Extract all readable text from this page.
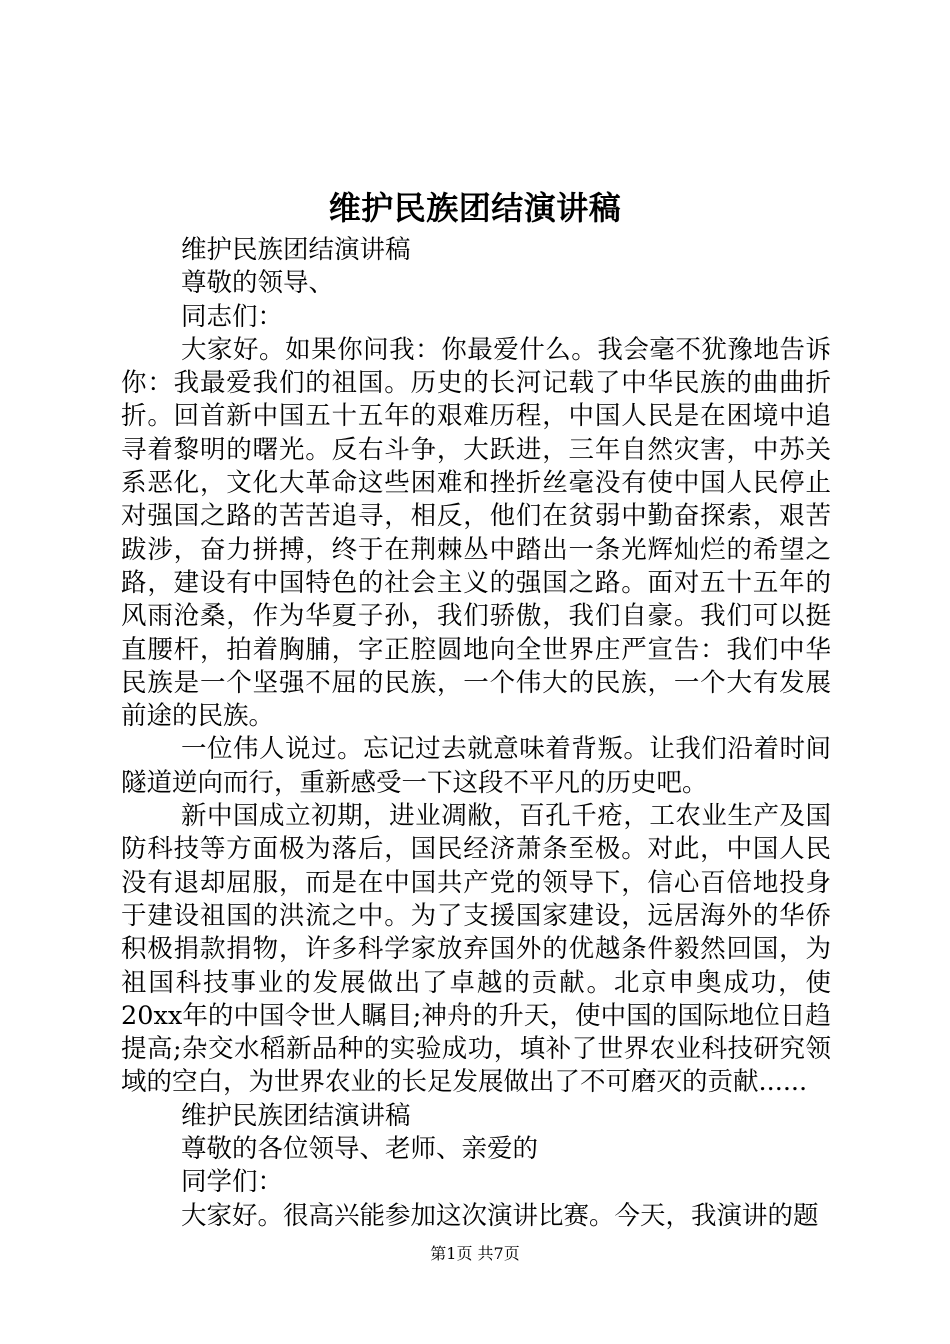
维护民族团结演讲稿
维护民族团结演讲稿
尊敬的领导、
同志们：
大家好。如果你问我：你最爱什么。我会毫不犹豫地告诉你：我最爱我们的祖国。历史的长河记载了中华民族的曲曲折折。回首新中国五十五年的艰难历程，中国人民是在困境中追寻着黎明的曙光。反右斗争，大跃进，三年自然灾害，中苏关系恶化，文化大革命这些困难和挫折丝毫没有使中国人民停止对强国之路的苦苦追寻，相反，他们在贫弱中勤奋探索，艰苦跋涉，奋力拼搏，终于在荆棘丛中踏出一条光辉灿烂的希望之路，建设有中国特色的社会主义的强国之路。面对五十五年的风雨沧桑，作为华夏子孙，我们骄傲，我们自豪。我们可以挺直腰杆，拍着胸脯，字正腔圆地向全世界庄严宣告：我们中华民族是一个坚强不屈的民族，一个伟大的民族，一个大有发展前途的民族。
一位伟人说过。忘记过去就意味着背叛。让我们沿着时间隧道逆向而行，重新感受一下这段不平凡的历史吧。
新中国成立初期，进业凋敝，百孔千疮，工农业生产及国防科技等方面极为落后，国民经济萧条至极。对此，中国人民没有退却屈服，而是在中国共产党的领导下，信心百倍地投身于建设祖国的洪流之中。为了支援国家建设，远居海外的华侨积极捐款捐物，许多科学家放弃国外的优越条件毅然回国，为祖国科技事业的发展做出了卓越的贡献。北京申奥成功，使20xx年的中国令世人瞩目;神舟的升天，使中国的国际地位日趋提高;杂交水稻新品种的实验成功，填补了世界农业科技研究领域的空白，为世界农业的长足发展做出了不可磨灭的贡献......
维护民族团结演讲稿
尊敬的各位领导、老师、亲爱的
同学们：
大家好。很高兴能参加这次演讲比赛。今天，我演讲的题
第1页 共7页
